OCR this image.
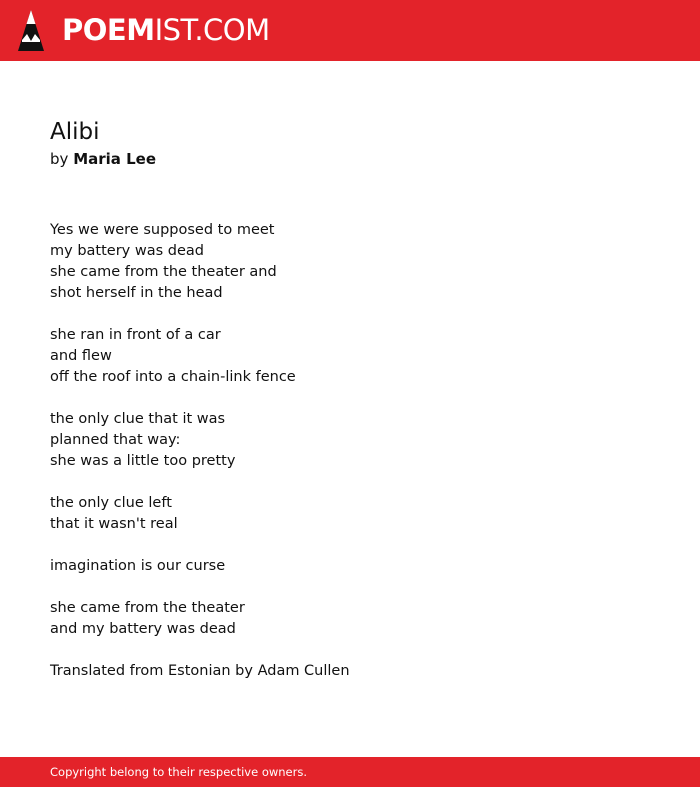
POEMIST.COM
Alibi
by Maria Lee
Yes we were supposed to meet
my battery was dead
she came from the theater and
shot herself in the head
she ran in front of a car
and flew
off the roof into a chain-link fence
the only clue that it was
planned that way:
she was a little too pretty
the only clue left
that it wasn't real
imagination is our curse
she came from the theater
and my battery was dead
Translated from Estonian by Adam Cullen
Copyright belong to their respective owners.
